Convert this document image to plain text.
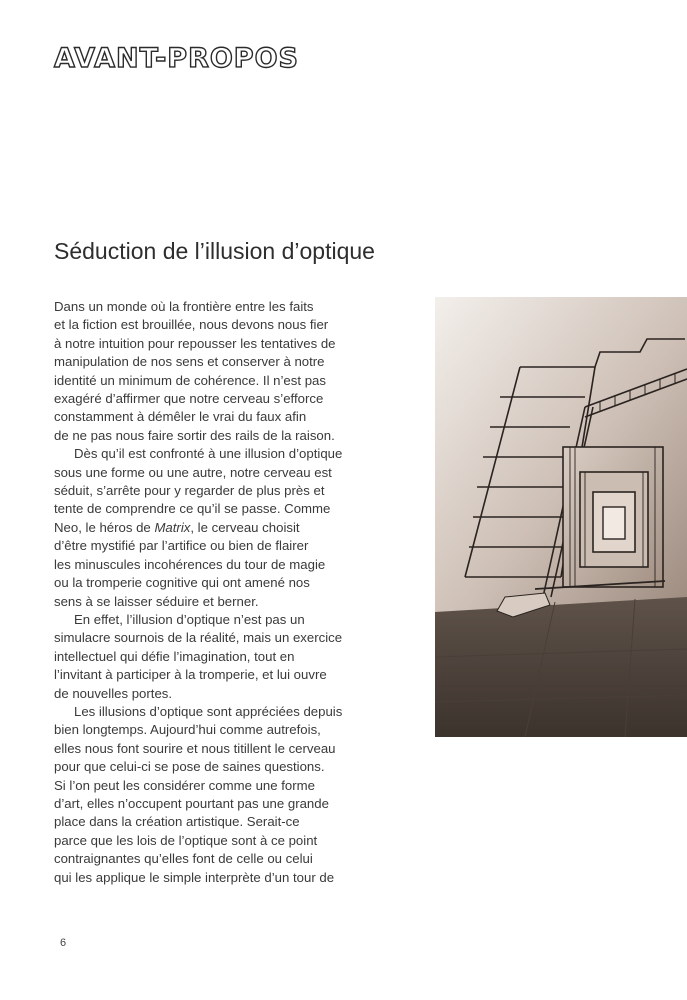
AVANT-PROPOS
Séduction de l’illusion d’optique
Dans un monde où la frontière entre les faits
et la fiction est brouillée, nous devons nous fier
à notre intuition pour repousser les tentatives de
manipulation de nos sens et conserver à notre
identité un minimum de cohérence. Il n’est pas
exagéré d’affirmer que notre cerveau s’efforce
constamment à démêler le vrai du faux afin
de ne pas nous faire sortir des rails de la raison.
Dès qu’il est confronté à une illusion d’optique
sous une forme ou une autre, notre cerveau est
séduit, s’arrête pour y regarder de plus près et
tente de comprendre ce qu’il se passe. Comme
Neo, le héros de Matrix, le cerveau choisit
d’être mystifié par l’artifice ou bien de flairer
les minuscules incohérences du tour de magie
ou la tromperie cognitive qui ont amené nos
sens à se laisser séduire et berner.
En effet, l’illusion d’optique n’est pas un
simulacre sournois de la réalité, mais un exercice
intellectuel qui défie l’imagination, tout en
l’invitant à participer à la tromperie, et lui ouvre
de nouvelles portes.
Les illusions d’optique sont appréciées depuis
bien longtemps. Aujourd’hui comme autrefois,
elles nous font sourire et nous titillent le cerveau
pour que celui-ci se pose de saines questions.
Si l’on peut les considérer comme une forme
d’art, elles n’occupent pourtant pas une grande
place dans la création artistique. Serait-ce
parce que les lois de l’optique sont à ce point
contraignantes qu’elles font de celle ou celui
qui les applique le simple interprète d’un tour de
6
